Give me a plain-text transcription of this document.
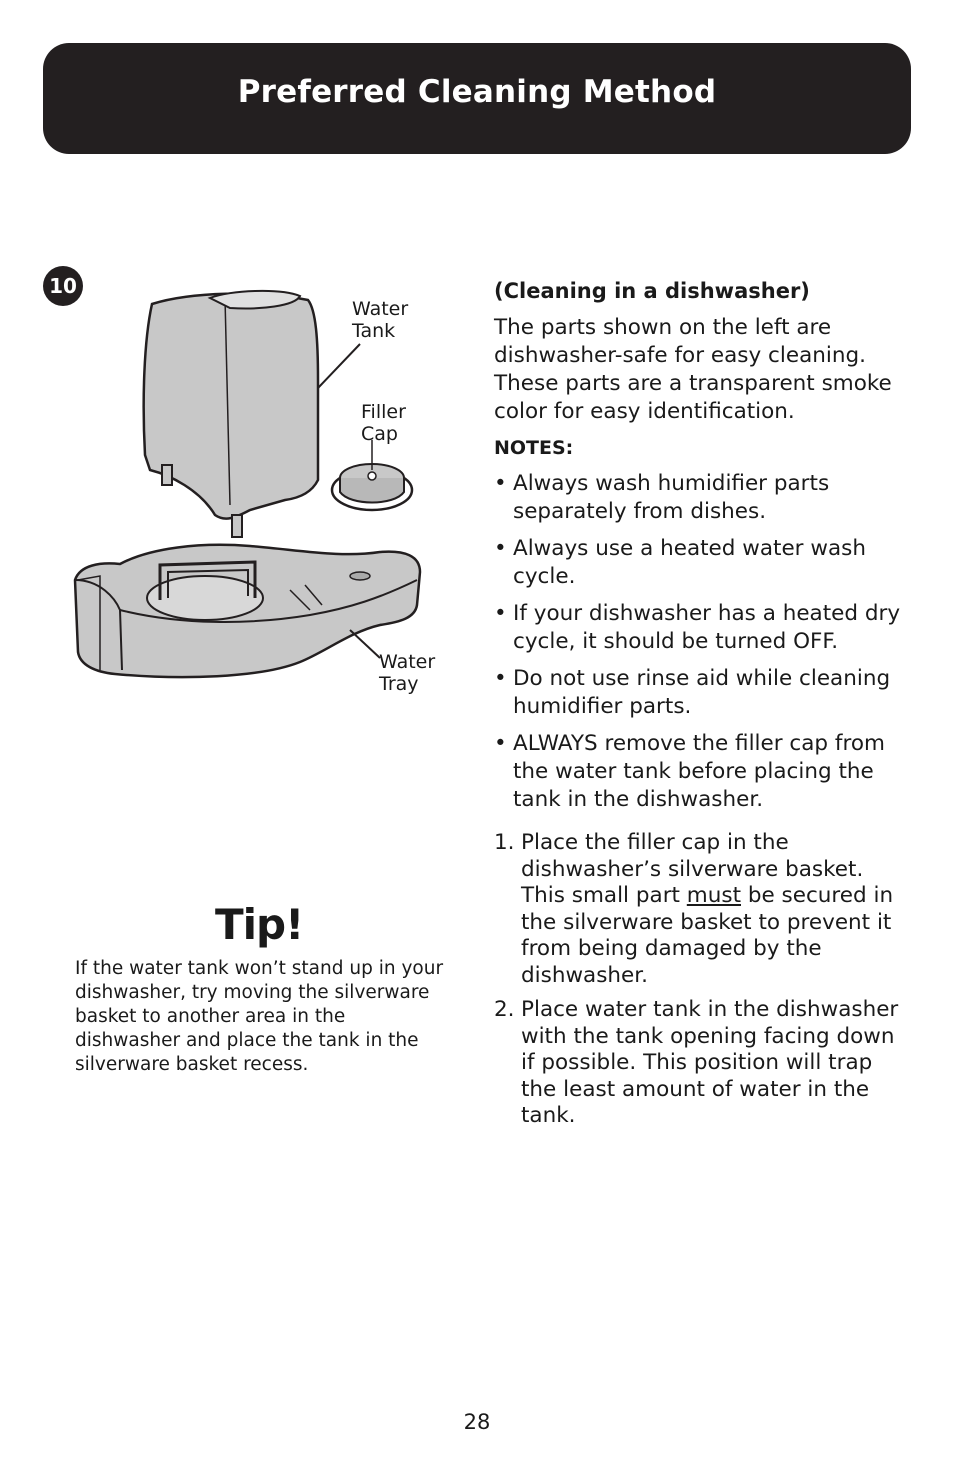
Preferred Cleaning Method
10
Water
Tank
Filler
Cap
Water
Tray
Tip!

If the water tank won’t stand up in your dishwasher, try moving the silverware basket to another area in the dishwasher and place the tank in the silverware basket recess.

(Cleaning in a dishwasher)

The parts shown on the left are dishwasher-safe for easy cleaning. These parts are a transparent smoke color for easy identification.

NOTES:

• Always wash humidifier parts separately from dishes.
• Always use a heated water wash cycle.
• If your dishwasher has a heated dry cycle, it should be turned OFF.
• Do not use rinse aid while cleaning humidifier parts.
• ALWAYS remove the filler cap from the water tank before placing the tank in the dishwasher.
1. Place the filler cap in the dishwasher’s silverware basket. This small part must be secured in the silverware basket to prevent it from being damaged by the dishwasher.
2. Place water tank in the dishwasher with the tank opening facing down if possible. This position will trap the least amount of water in the tank.

28
